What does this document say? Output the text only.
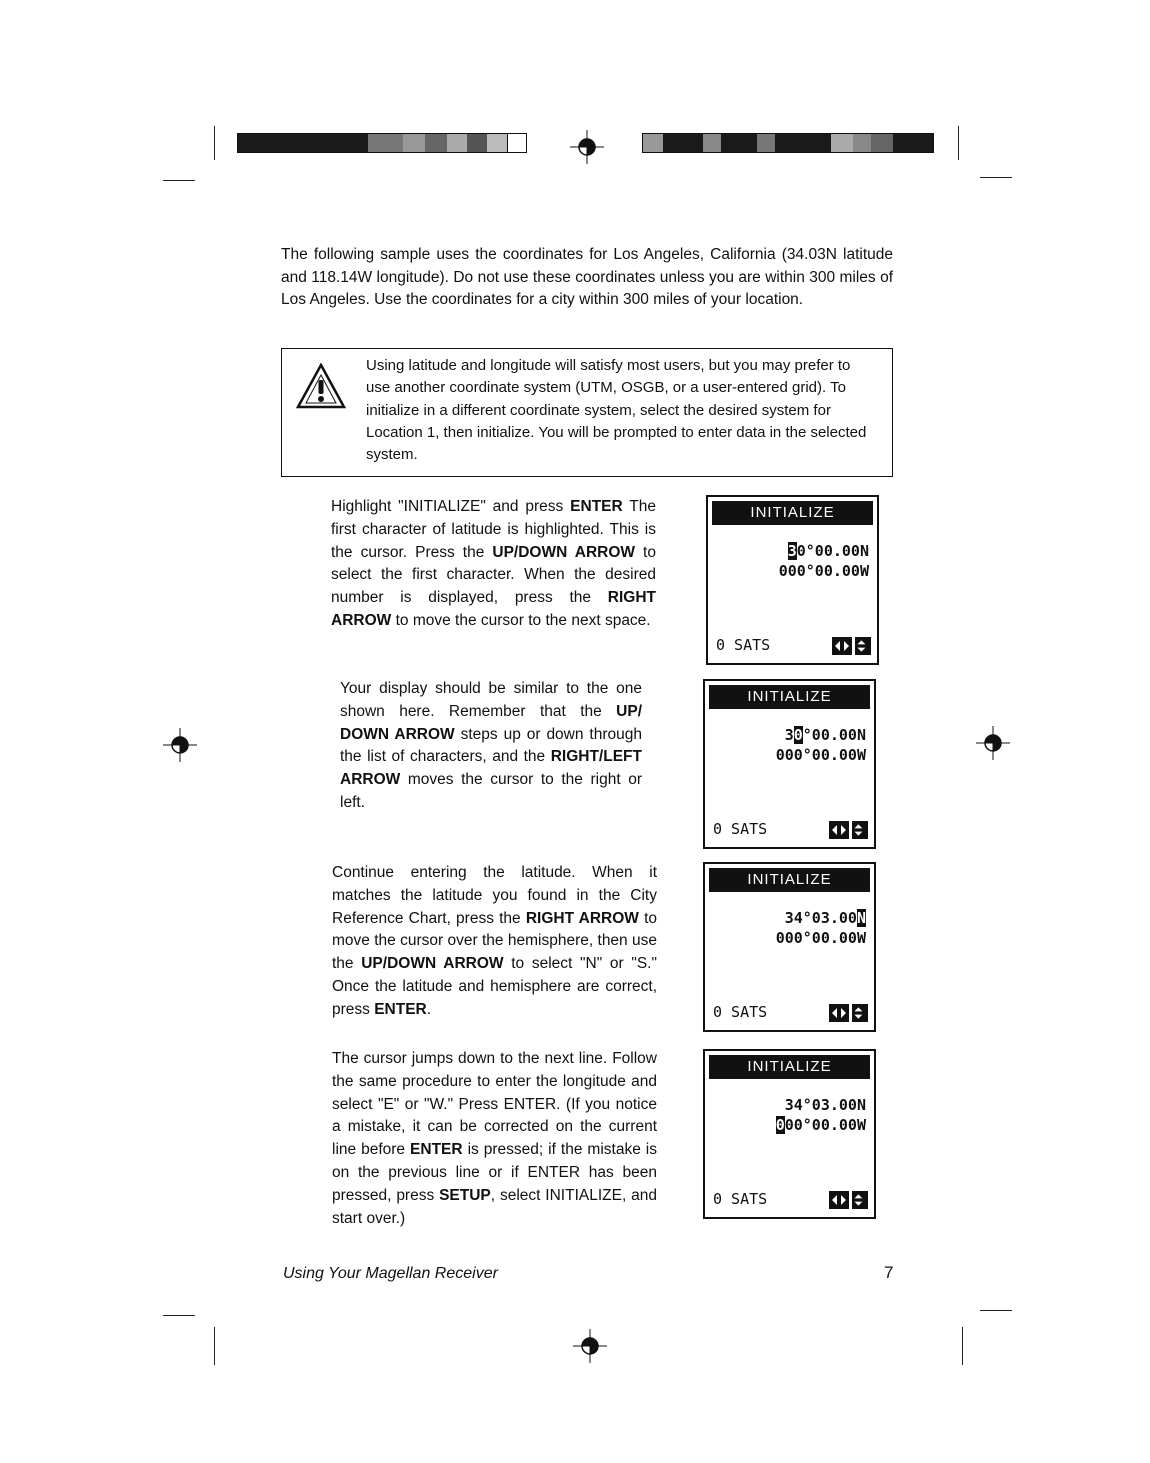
The following sample uses the coordinates for Los Angeles, California (34.03N latitude and 118.14W longitude). Do not use these coordinates unless you are within 300 miles of Los Angeles. Use the coordinates for a city within 300 miles of your location.
Using latitude and longitude will satisfy most users, but you may prefer to use another coordinate system (UTM, OSGB, or a user-entered grid). To initialize in a different coordinate system, select the desired system for Location 1, then initialize. You will be prompted to enter data in the selected system.
Highlight "INITIALIZE" and press ENTER The first character of latitude is highlighted. This is the cursor. Press the UP/DOWN ARROW to select the first character. When the desired number is displayed, press the RIGHT ARROW to move the cursor to the next space.
Your display should be similar to the one shown here. Remember that the UP/ DOWN ARROW steps up or down through the list of characters, and the RIGHT/LEFT ARROW moves the cursor to the right or left.
Continue entering the latitude. When it matches the latitude you found in the City Reference Chart, press the RIGHT ARROW to move the cursor over the hemisphere, then use the UP/DOWN ARROW to select "N" or "S." Once the latitude and hemisphere are correct, press ENTER.
The cursor jumps down to the next line. Follow the same procedure to enter the longitude and select "E" or "W." Press ENTER. (If you notice a mistake, it can be corrected on the current line before ENTER is pressed; if the mistake is on the previous line or if ENTER has been pressed, press SETUP, select INITIALIZE, and start over.)
INITIALIZE
30°00.00N
000°00.00W
0 SATS
INITIALIZE
30°00.00N
000°00.00W
0 SATS
INITIALIZE
34°03.00N
000°00.00W
0 SATS
INITIALIZE
34°03.00N
000°00.00W
0 SATS
Using Your Magellan Receiver	7
